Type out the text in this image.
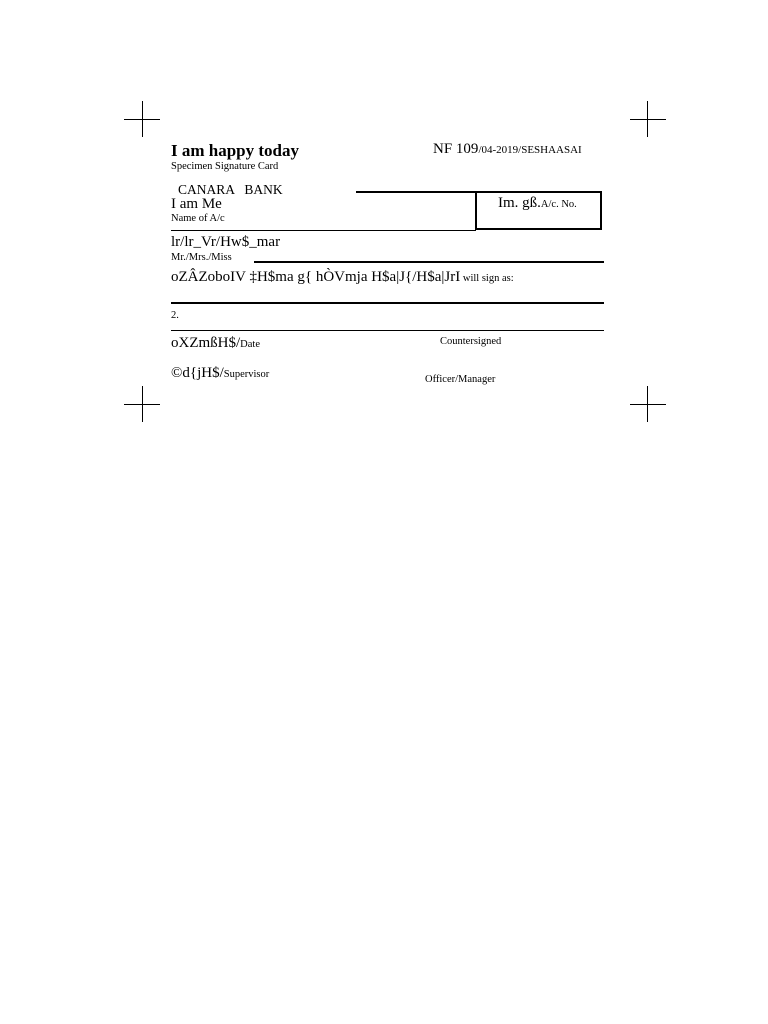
I am happy today
Specimen Signature Card
NF 109/04-2019/SESHAASAI
CANARA   BANK
Im. gß.A/c. No.
I am Me
Name of A/c
lr/lr_Vr/Hw$_mar
Mr./Mrs./Miss
oZÂZoboIV ‡H$ma g{ hÒVmja H$a|J{/H$a|JrI will sign as:
2.
oXZmßH$/Date	Countersigned
©d{jH$/Supervisor	Officer/Manager
